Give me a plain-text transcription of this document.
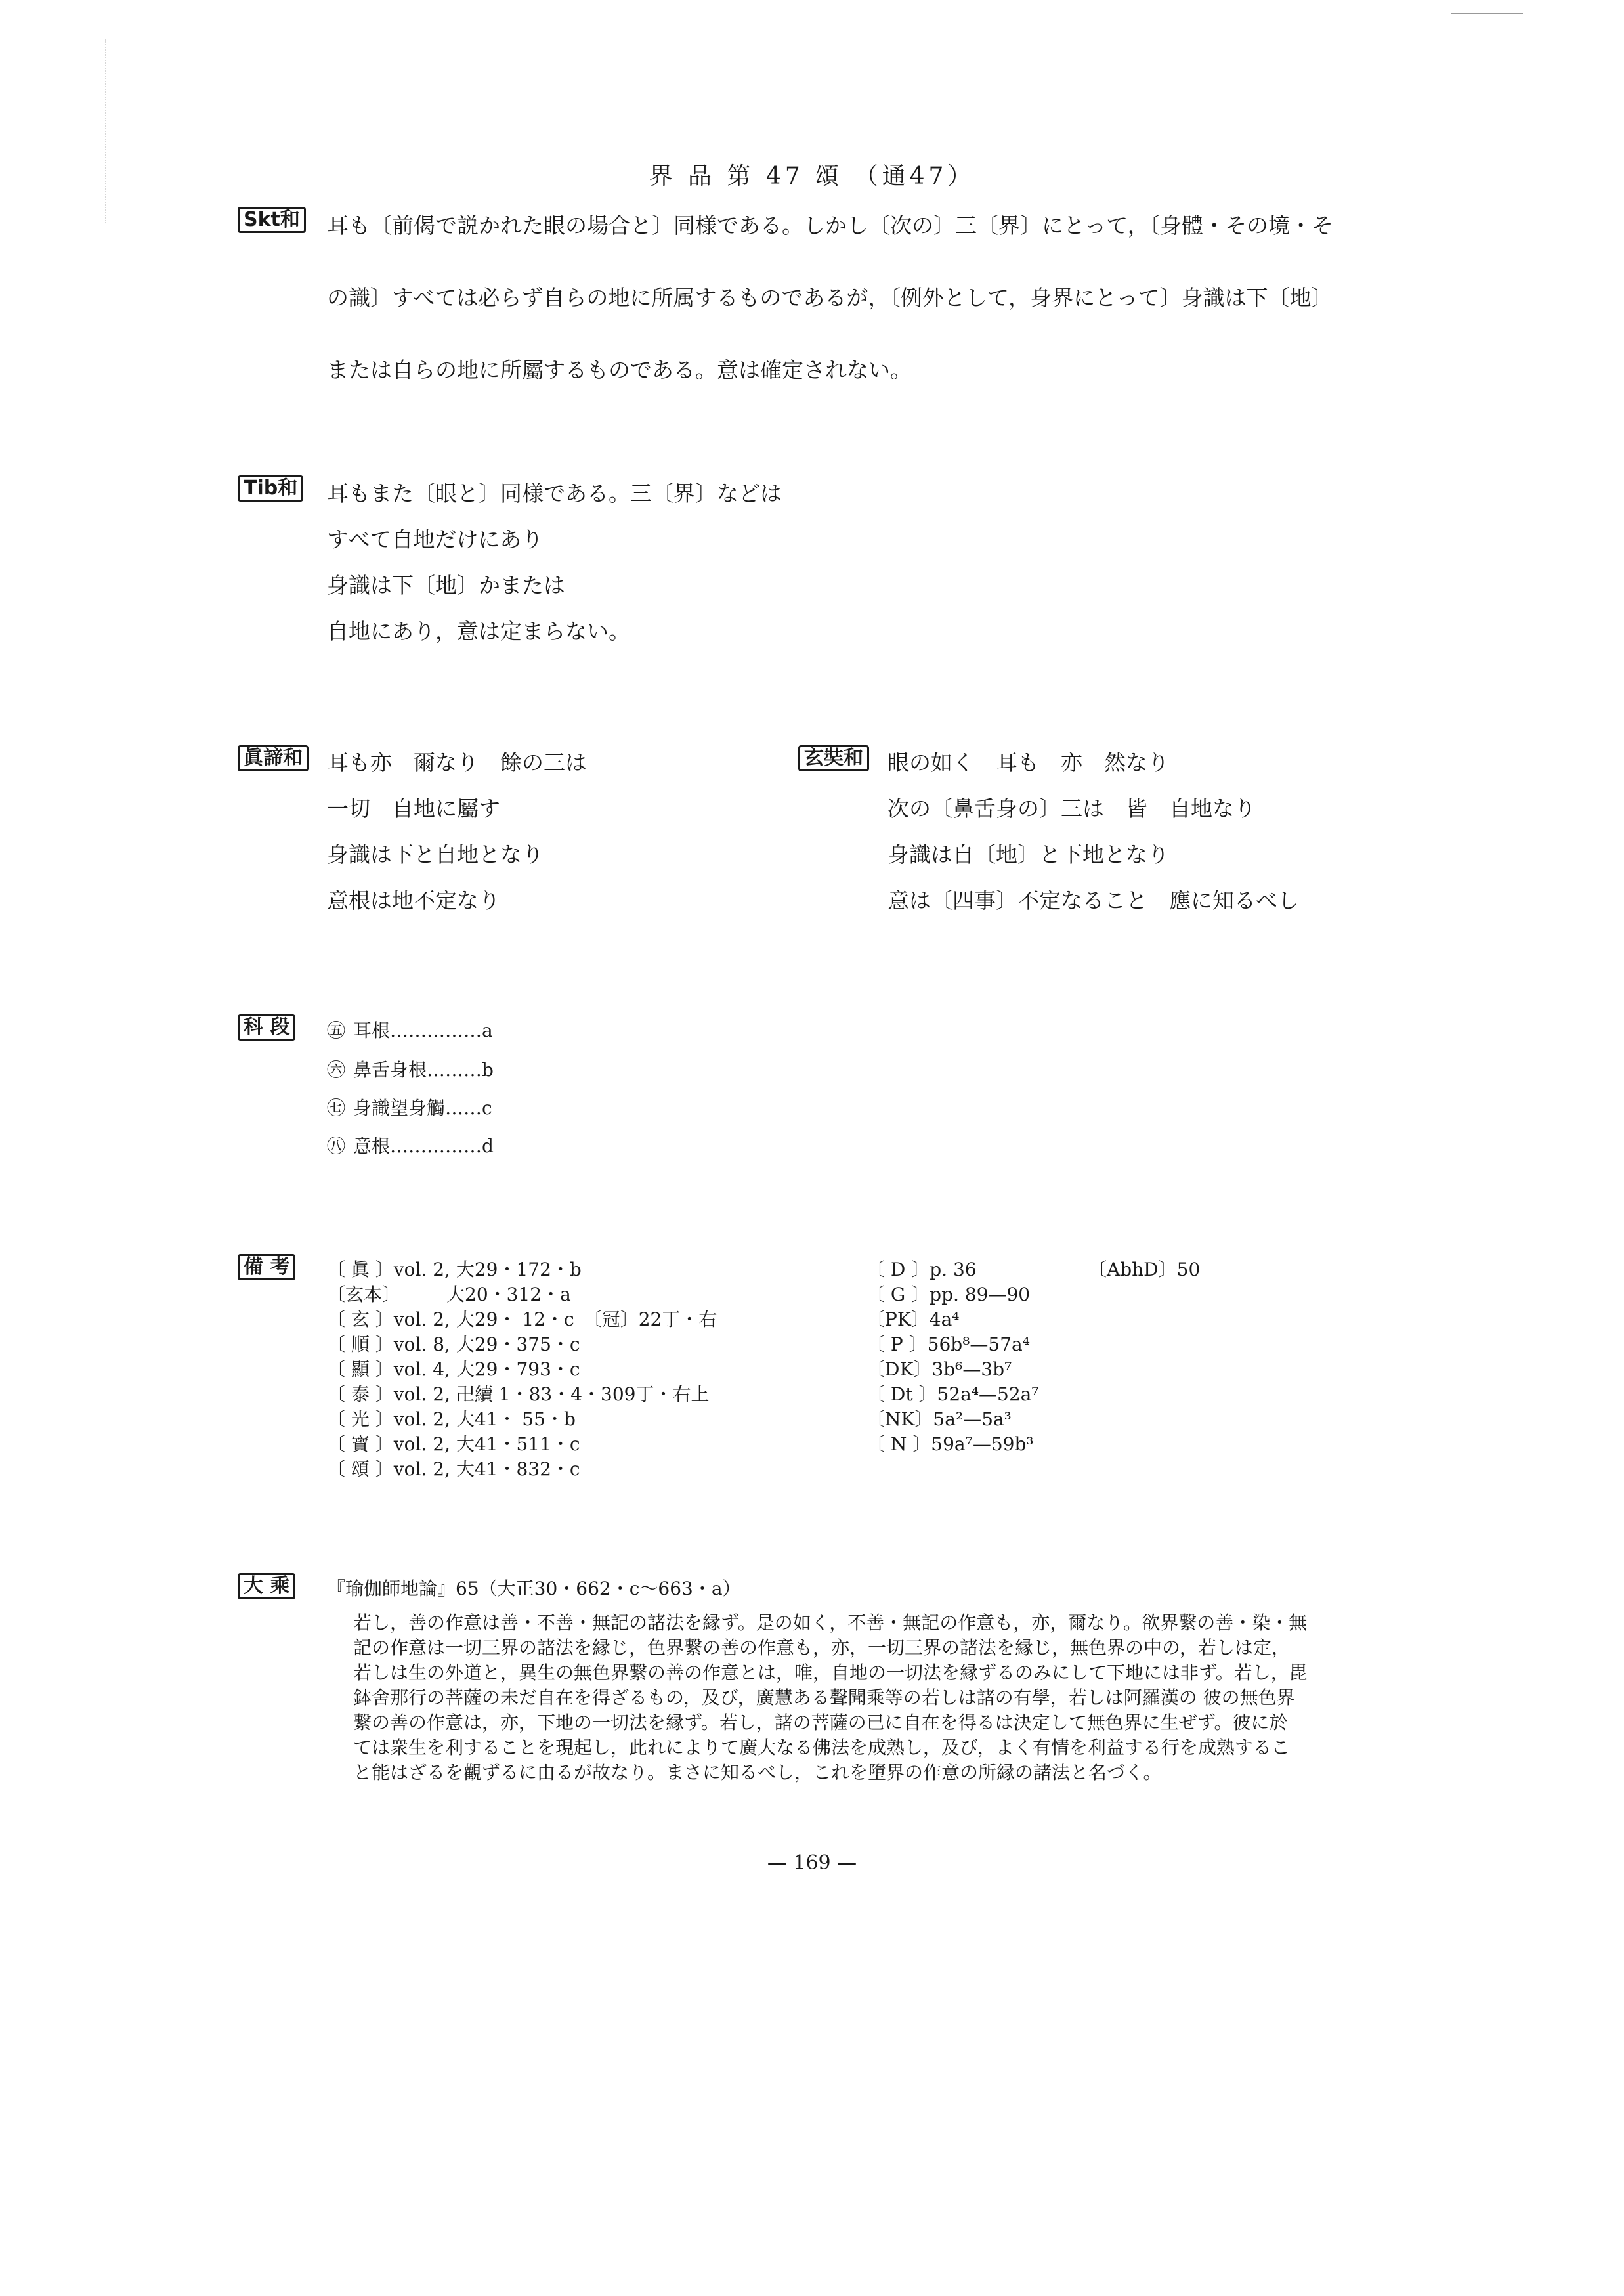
界 品 第 47 頌 （通47）
Skt和 耳も〔前偈で説かれた眼の場合と〕同様である。しかし〔次の〕三〔界〕にとって，〔身體・その境・そ
の識〕すべては必らず自らの地に所属するものであるが，〔例外として，身界にとって〕身識は下〔地〕
または自らの地に所屬するものである。意は確定されない。
Tib和 耳もまた〔眼と〕同様である。三〔界〕などは
すべて自地だけにあり
身識は下〔地〕かまたは
自地にあり，意は定まらない。
眞諦和 耳も亦　爾なり　餘の三は
一切　自地に屬す
身識は下と自地となり
意根は地不定なり
玄奘和 眼の如く　耳も　亦　然なり
次の〔鼻舌身の〕三は　皆　自地なり
身識は自〔地〕と下地となり
意は〔四事〕不定なること　應に知るべし
科 段	㊄ 耳根……………a
㊅ 鼻舌身根………b
㊆ 身識望身觸……c
㊇ 意根……………d
備 考	〔 眞 〕vol. 2, 大29・172・b
〔玄本〕　　　大20・312・a
〔 玄 〕vol. 2, 大29・ 12・c　〔冠〕22丁・右
〔 順 〕vol. 8, 大29・375・c
〔 顯 〕vol. 4, 大29・793・c
〔 泰 〕vol. 2, 卍續 1・83・4・309丁・右上
〔 光 〕vol. 2, 大41・ 55・b
〔 寶 〕vol. 2, 大41・511・c
〔 頌 〕vol. 2, 大41・832・c
〔 D 〕p. 36
〔 G 〕pp. 89—90
〔PK〕4a⁴
〔 P 〕56b⁸—57a⁴
〔DK〕3b⁶—3b⁷
〔 Dt 〕52a⁴—52a⁷
〔NK〕5a²—5a³
〔 N 〕59a⁷—59b³
〔AbhD〕50
大 乘	『瑜伽師地論』65（大正30・662・c～663・a）
若し，善の作意は善・不善・無記の諸法を縁ず。是の如く，不善・無記の作意も，亦，爾なり。欲界繋の善・染・無
記の作意は一切三界の諸法を縁じ，色界繋の善の作意も，亦，一切三界の諸法を縁じ，無色界の中の，若しは定，
若しは生の外道と，異生の無色界繋の善の作意とは，唯，自地の一切法を縁ずるのみにして下地には非ず。若し，毘
鉢舍那行の菩薩の未だ自在を得ざるもの，及び，廣慧ある聲聞乘等の若しは諸の有學，若しは阿羅漢の 彼の無色界
繋の善の作意は，亦，下地の一切法を縁ず。若し，諸の菩薩の已に自在を得るは決定して無色界に生ぜず。彼に於
ては衆生を利することを現起し，此れによりて廣大なる佛法を成熟し，及び，よく有情を利益する行を成熟するこ
と能はざるを觀ずるに由るが故なり。まさに知るべし，これを墮界の作意の所縁の諸法と名づく。
— 169 —
